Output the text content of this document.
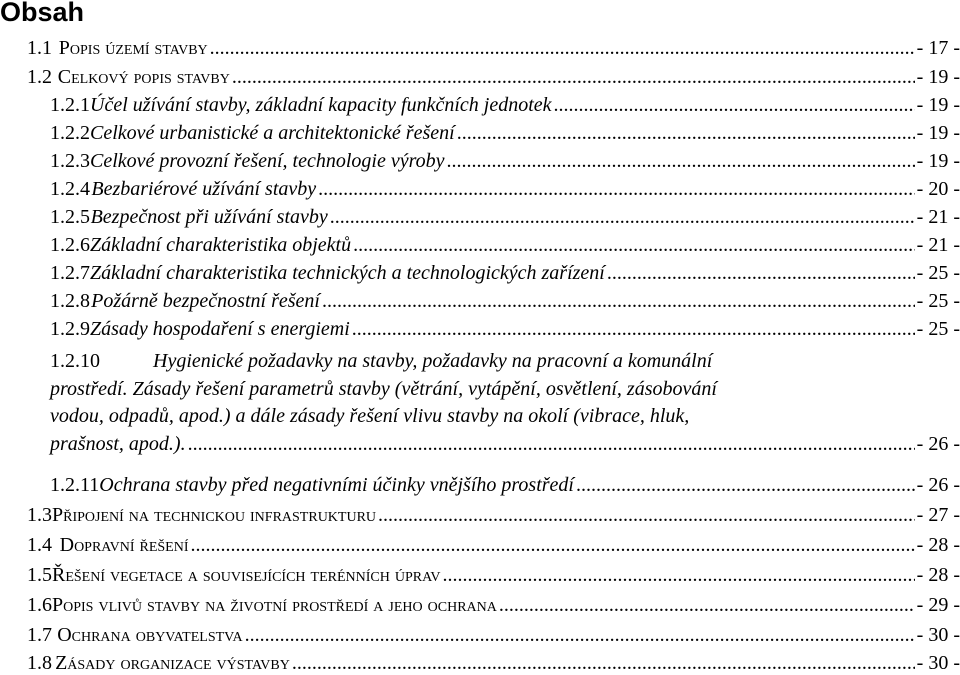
Obsah
1.1 Popis území stavby .....	- 17 -
1.2 Celkový popis stavby .....	- 19 -
1.2.1 Účel užívání stavby, základní kapacity funkčních jednotek .....	- 19 -
1.2.2 Celkové urbanistické a architektonické řešení .....	- 19 -
1.2.3 Celkové provozní řešení, technologie výroby .....	- 19 -
1.2.4 Bezbariérové užívání stavby .....	- 20 -
1.2.5 Bezpečnost při užívání stavby .....	- 21 -
1.2.6 Základní charakteristika objektů .....	- 21 -
1.2.7 Základní charakteristika technických a technologických zařízení .....	- 25 -
1.2.8 Požárně bezpečnostní řešení .....	- 25 -
1.2.9 Zásady hospodaření s energiemi .....	- 25 -
1.2.10	Hygienické požadavky na stavby, požadavky na pracovní a komunální
prostředí. Zásady řešení parametrů stavby (větrání, vytápění, osvětlení, zásobování
vodou, odpadů, apod.) a dále zásady řešení vlivu stavby na okolí (vibrace, hluk,
prašnost, apod.). .....	- 26 -
1.2.11 Ochrana stavby před negativními účinky vnějšího prostředí .....	- 26 -
1.3 Připojení na technickou infrastrukturu .....	- 27 -
1.4 Dopravní řešení .....	- 28 -
1.5 Řešení vegetace a souvisejících terénních úprav .....	- 28 -
1.6 Popis vlivů stavby na životní prostředí a jeho ochrana .....	- 29 -
1.7 Ochrana obyvatelstva .....	- 30 -
1.8 Zásady organizace výstavby .....	- 30 -
